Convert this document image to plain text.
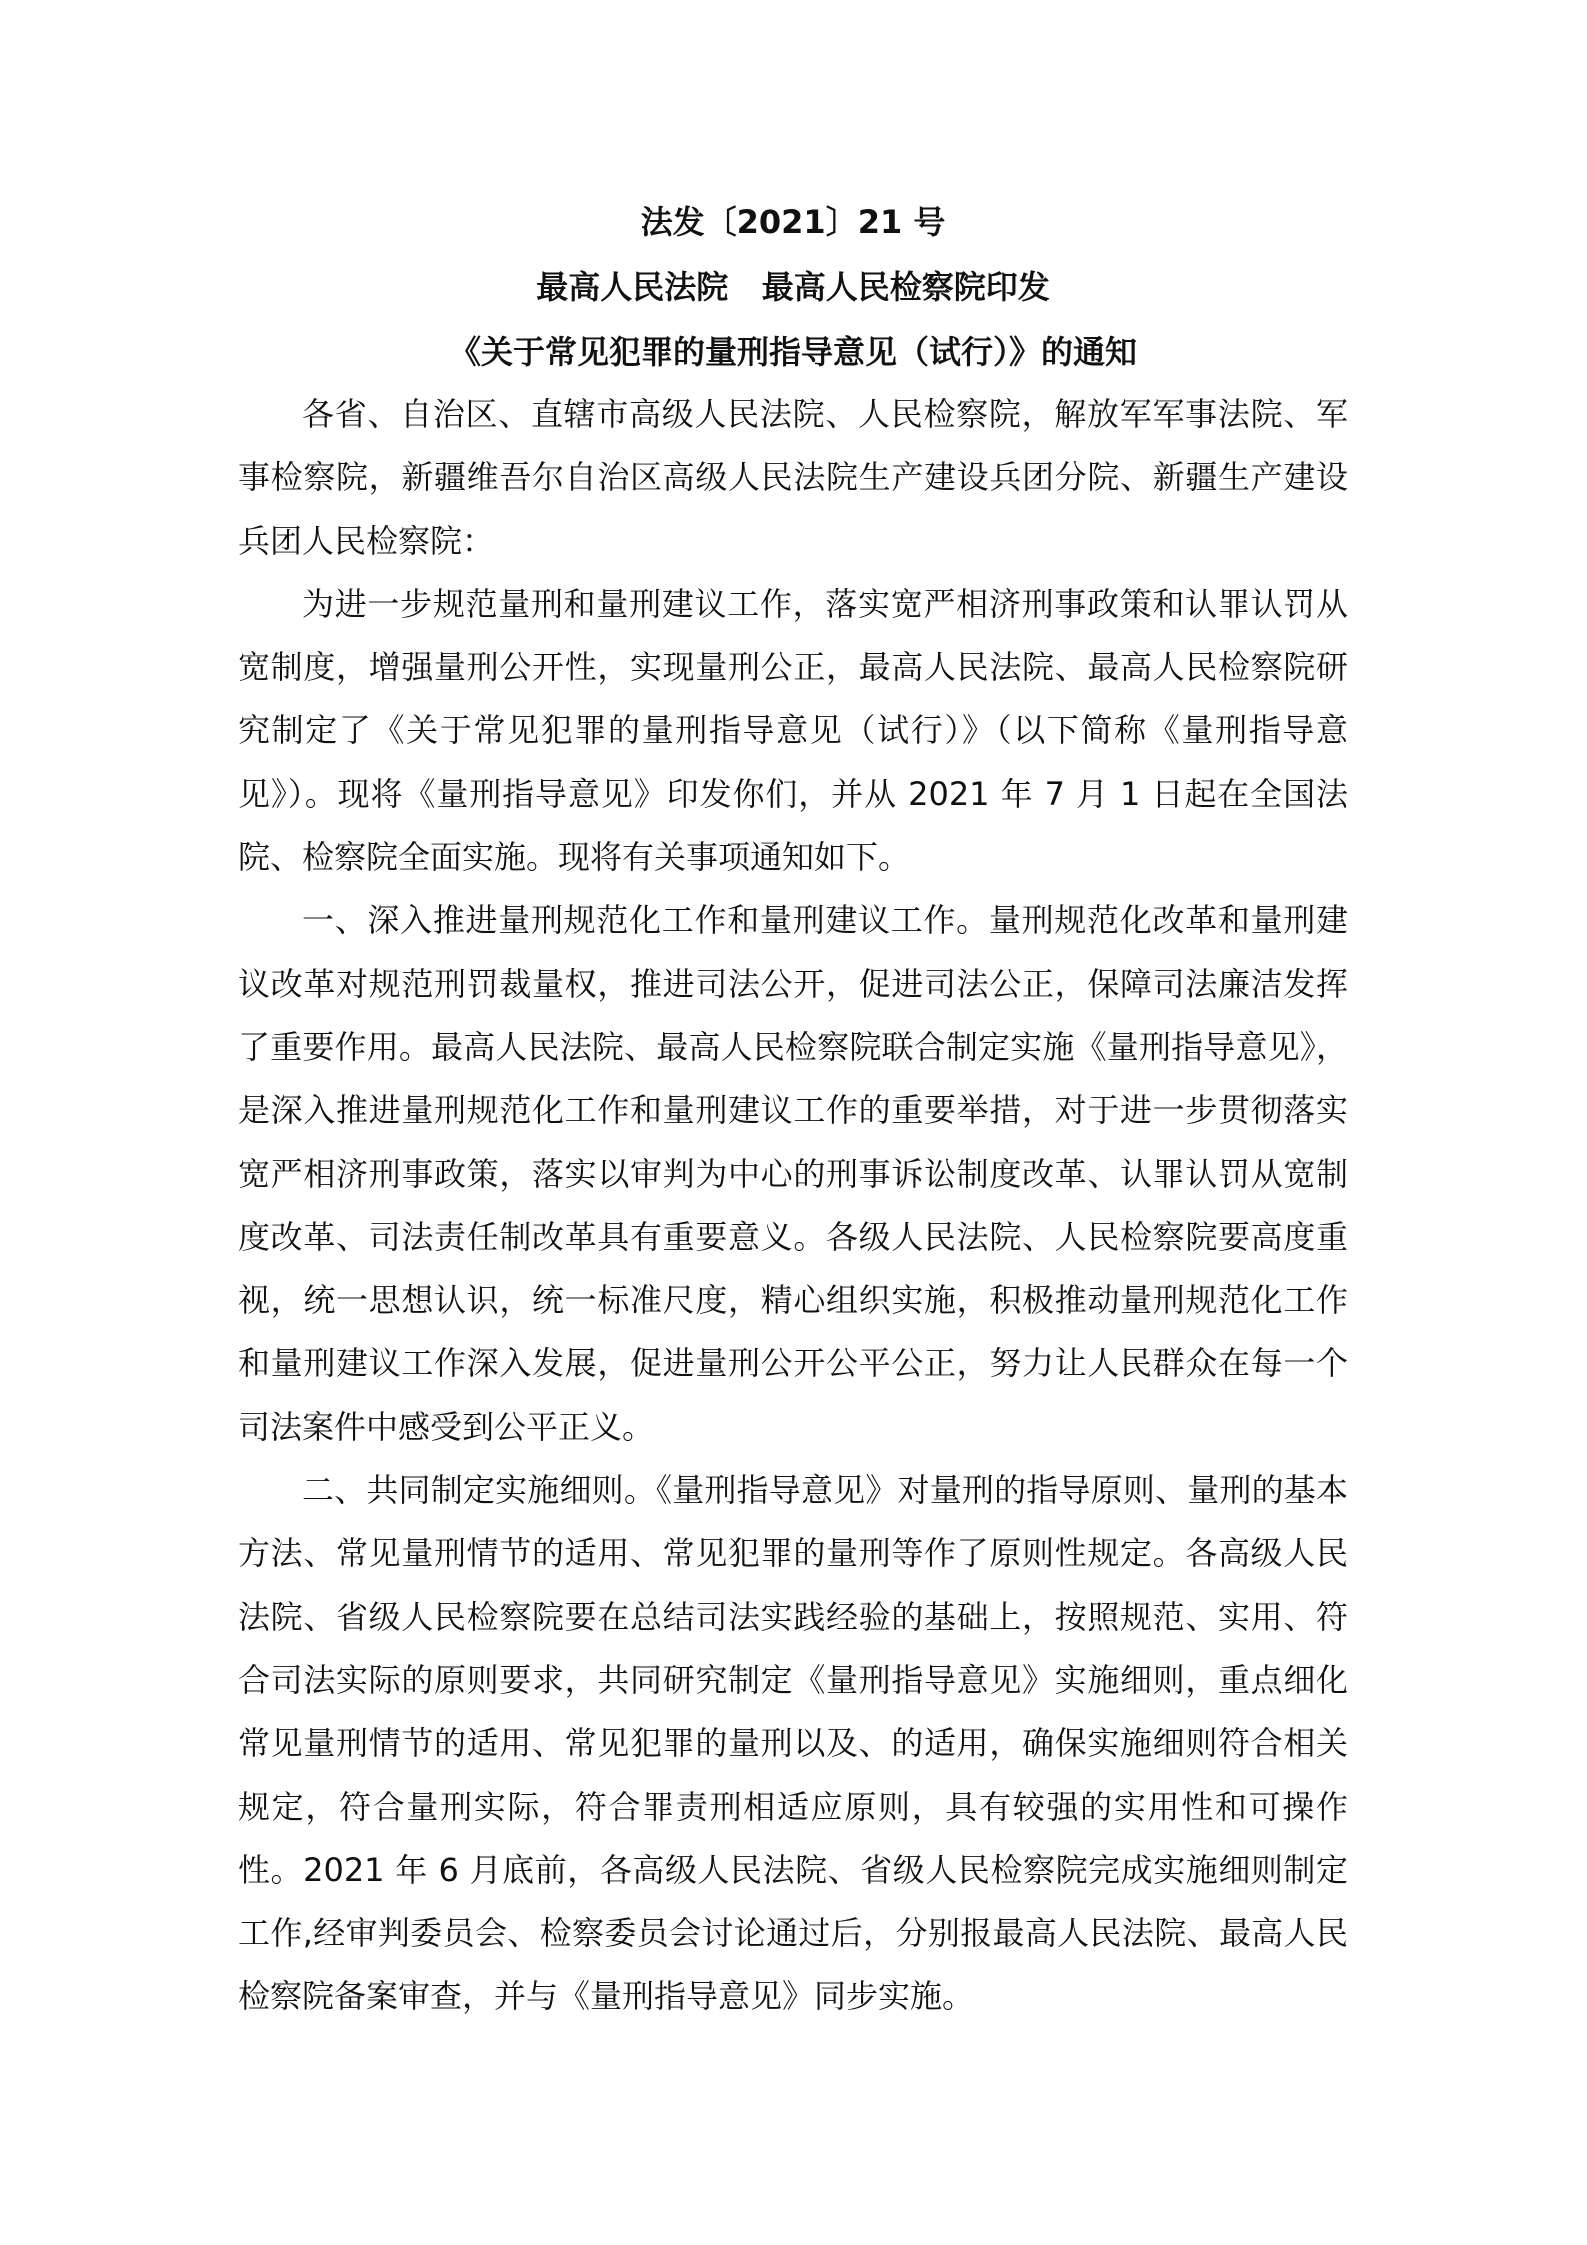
法发〔2021〕21 号
最高人民法院   最高人民检察院印发
《关于常见犯罪的量刑指导意见（试行）》的通知

各省、自治区、直辖市高级人民法院、人民检察院，解放军军事法院、军事检察院，新疆维吾尔自治区高级人民法院生产建设兵团分院、新疆生产建设兵团人民检察院：

为进一步规范量刑和量刑建议工作，落实宽严相济刑事政策和认罪认罚从宽制度，增强量刑公开性，实现量刑公正，最高人民法院、最高人民检察院研究制定了《关于常见犯罪的量刑指导意见（试行）》（以下简称《量刑指导意见》）。现将《量刑指导意见》印发你们，并从 2021 年 7 月 1 日起在全国法院、检察院全面实施。现将有关事项通知如下。

一、深入推进量刑规范化工作和量刑建议工作。量刑规范化改革和量刑建议改革对规范刑罚裁量权，推进司法公开，促进司法公正，保障司法廉洁发挥了重要作用。最高人民法院、最高人民检察院联合制定实施《量刑指导意见》，是深入推进量刑规范化工作和量刑建议工作的重要举措，对于进一步贯彻落实宽严相济刑事政策，落实以审判为中心的刑事诉讼制度改革、认罪认罚从宽制度改革、司法责任制改革具有重要意义。各级人民法院、人民检察院要高度重视，统一思想认识，统一标准尺度，精心组织实施，积极推动量刑规范化工作和量刑建议工作深入发展，促进量刑公开公平公正，努力让人民群众在每一个司法案件中感受到公平正义。

二、共同制定实施细则。《量刑指导意见》对量刑的指导原则、量刑的基本方法、常见量刑情节的适用、常见犯罪的量刑等作了原则性规定。各高级人民法院、省级人民检察院要在总结司法实践经验的基础上，按照规范、实用、符合司法实际的原则要求，共同研究制定《量刑指导意见》实施细则，重点细化常见量刑情节的适用、常见犯罪的量刑以及、的适用，确保实施细则符合相关规定，符合量刑实际，符合罪责刑相适应原则，具有较强的实用性和可操作性。2021 年 6 月底前，各高级人民法院、省级人民检察院完成实施细则制定工作,经审判委员会、检察委员会讨论通过后，分别报最高人民法院、最高人民检察院备案审查，并与《量刑指导意见》同步实施。
